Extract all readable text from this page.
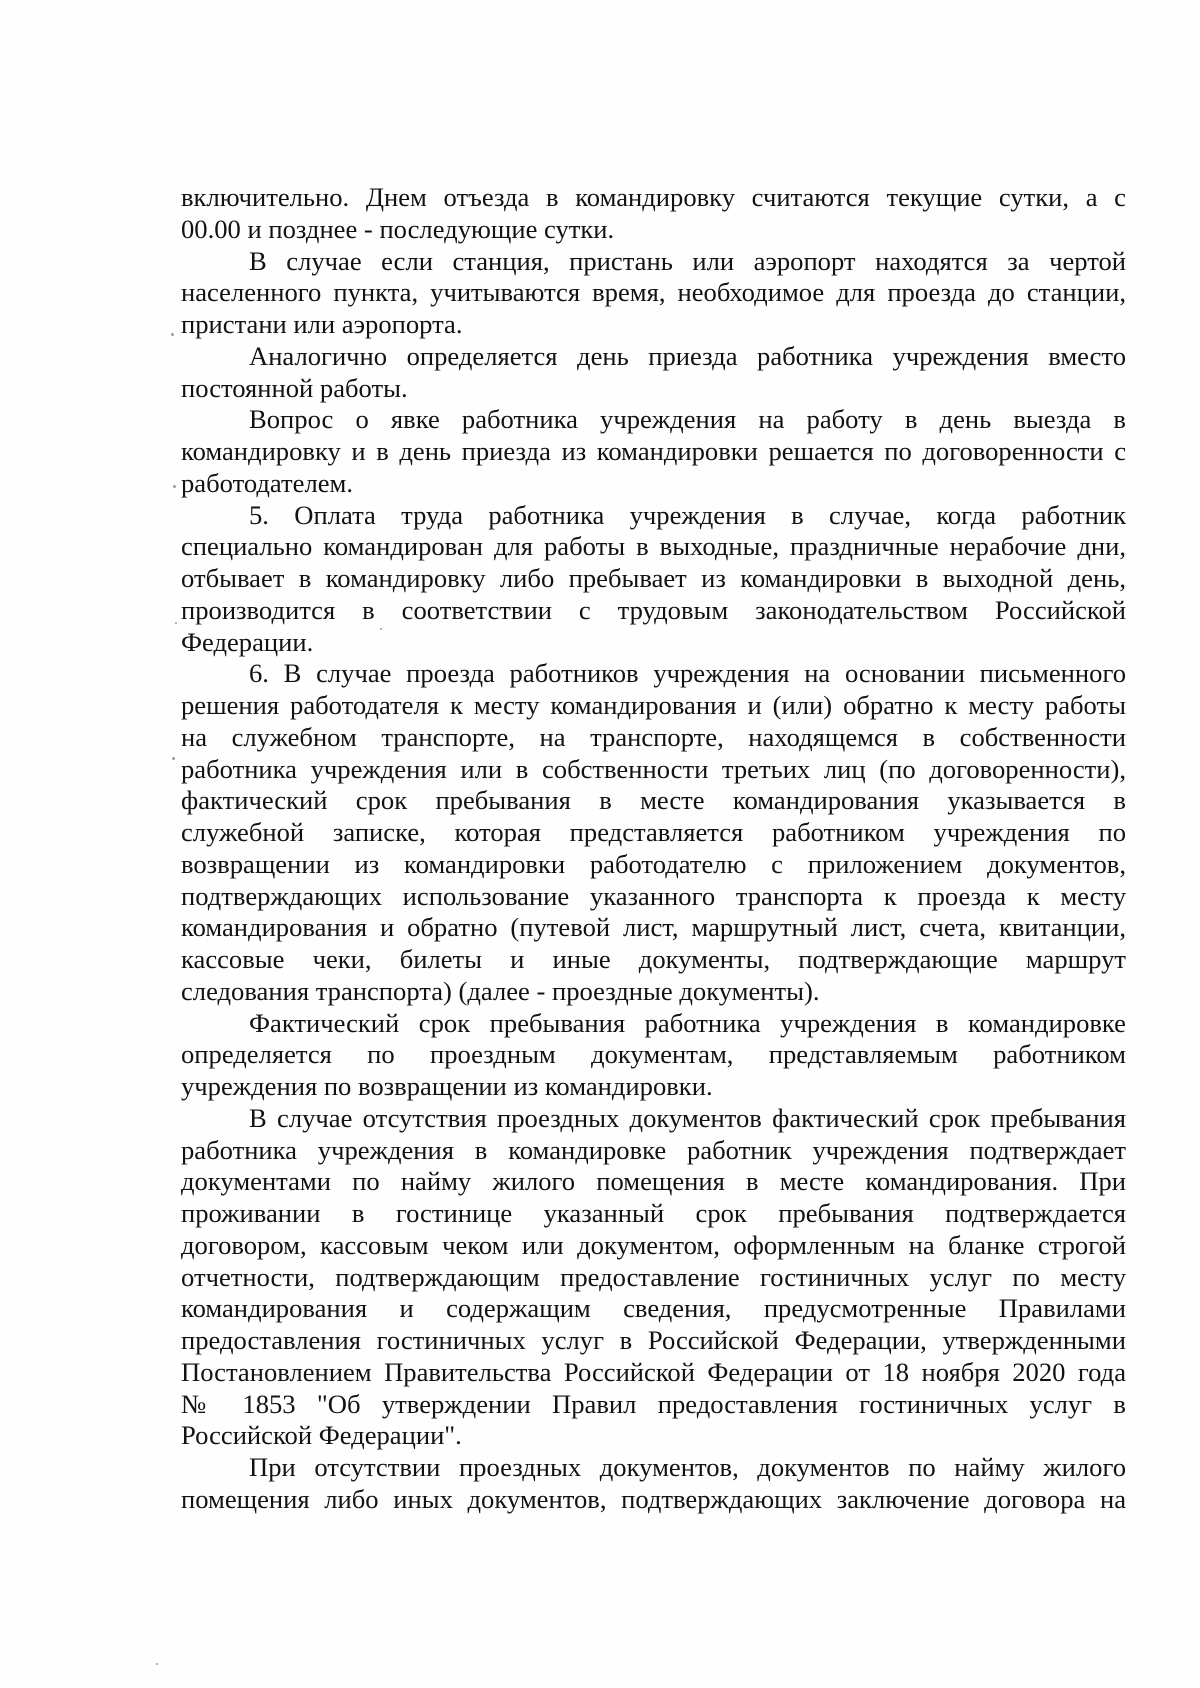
включительно. Днем отъезда в командировку считаются текущие сутки, а с
00.00 и позднее - последующие сутки.
В случае если станция, пристань или аэропорт находятся за чертой
населенного пункта, учитываются время, необходимое для проезда до станции,
пристани или аэропорта.
Аналогично определяется день приезда работника учреждения вместо
постоянной работы.
Вопрос о явке работника учреждения на работу в день выезда в
командировку и в день приезда из командировки решается по договоренности с
работодателем.
5. Оплата труда работника учреждения в случае, когда работник
специально командирован для работы в выходные, праздничные нерабочие дни,
отбывает в командировку либо пребывает из командировки в выходной день,
производится в соответствии с трудовым законодательством Российской
Федерации.
6. В случае проезда работников учреждения на основании письменного
решения работодателя к месту командирования и (или) обратно к месту работы
на служебном транспорте, на транспорте, находящемся в собственности
работника учреждения или в собственности третьих лиц (по договоренности),
фактический срок пребывания в месте командирования указывается в
служебной записке, которая представляется работником учреждения по
возвращении из командировки работодателю с приложением документов,
подтверждающих использование указанного транспорта к проезда к месту
командирования и обратно (путевой лист, маршрутный лист, счета, квитанции,
кассовые чеки, билеты и иные документы, подтверждающие маршрут
следования транспорта) (далее - проездные документы).
Фактический срок пребывания работника учреждения в командировке
определяется по проездным документам, представляемым работником
учреждения по возвращении из командировки.
В случае отсутствия проездных документов фактический срок пребывания
работника учреждения в командировке работник учреждения подтверждает
документами по найму жилого помещения в месте командирования. При
проживании в гостинице указанный срок пребывания подтверждается
договором, кассовым чеком или документом, оформленным на бланке строгой
отчетности, подтверждающим предоставление гостиничных услуг по месту
командирования и содержащим сведения, предусмотренные Правилами
предоставления гостиничных услуг в Российской Федерации, утвержденными
Постановлением Правительства Российской Федерации от 18 ноября 2020 года
№ 1853 "Об утверждении Правил предоставления гостиничных услуг в
Российской Федерации".
При отсутствии проездных документов, документов по найму жилого
помещения либо иных документов, подтверждающих заключение договора на
